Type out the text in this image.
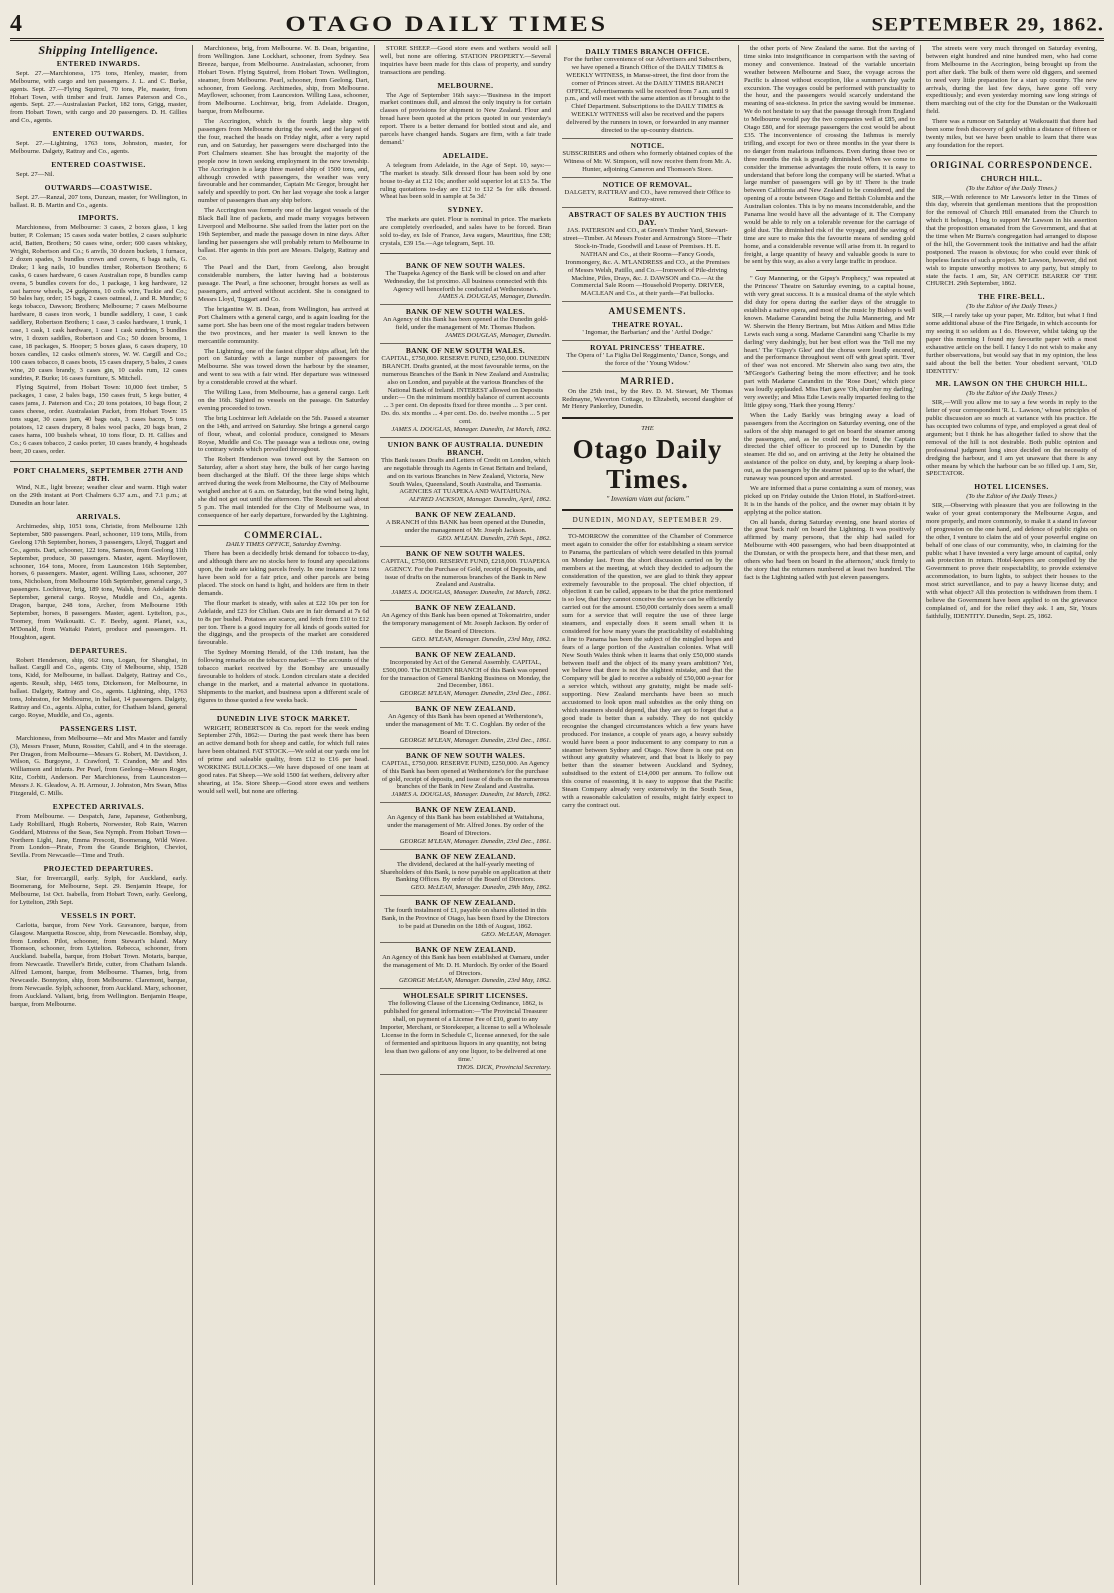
4	OTAGO DAILY TIMES	SEPTEMBER 29, 1862.
Shipping Intelligence.
ENTERED INWARDS.

Sept. 27.—Marchioness, 175 tons, Henley, master, from Melbourne, with cargo and ten passengers. J. L. and C. Burke, agents. Sept. 27.—Flying Squirrel, 70 tons, Ple, master, from Hobart Town, with timber and fruit. James Paterson and Co., agents. Sept. 27.—Australasian Packet, 182 tons, Grigg, master, from Hobart Town, with cargo and 20 passengers. D. H. Gillies and Co., agents.

ENTERED OUTWARDS.

Sept. 27.—Lightning, 1763 tons, Johnston, master, for Melbourne. Dalgety, Rattray and Co., agents.

ENTERED COASTWISE.

Sept. 27—Nil.

OUTWARDS—COASTWISE.

Sept. 27.—Ranzal, 207 tons, Dunzan, master, for Wellington, in ballast. R. B. Martin and Co., agents.

IMPORTS.

Marchioness, from Melbourne: 3 cases, 2 boxes glass, 1 keg butter, P. Coleman; 15 cases soda water bottles, 2 cases sulphuric acid, Batten, Brothers; 50 cases wine, order; 600 cases whiskey, Wright, Robertson and Co.; 6 anvils, 30 dozen buckets, 1 furnace, 2 dozen spades, 3 bundles crown and covers, 6 bags nails, G. Drake; 1 keg nails, 10 bundles timber, Robertson Brothers; 6 casks, 6 cases hardware, 6 cases Australian rope, 8 bundles camp ovens, 5 bundles covers for do., 1 package, 1 keg hardware, 12 cast harrow wheels, 24 gudgeons, 10 coils wire, Tuckie and Co.; 50 bales hay, order; 15 bags, 2 cases oatmeal, J. and R. Mundie; 6 kegs tobacco, Dawson; Brothers; Melbourne; 7 cases Melbourne hardware, 8 cases iron work, 1 bundle saddlery, 1 case, 1 cask saddlery, Robertson Brothers; 1 case, 3 casks hardware, 1 trunk, 1 case, 1 cask, 1 cask hardware, 1 case 1 cask sundries, 5 bundles wire, 1 dozen saddles, Robertson and Co.; 50 dozen brooms, 1 case, 18 packages, S. Hooper; 5 boxes glass, 6 cases drapery, 10 boxes candles, 12 casks oilmen's stores, W. W. Cargill and Co.; 100 cases tobacco, 8 cases boots, 15 cases drapery, 5 bales, 2 cases wine, 20 cases brandy, 3 cases gin, 10 casks rum, 12 cases sundries, P. Burke; 16 cases furniture, S. Mitchell.

Flying Squirrel, from Hobart Town: 10,000 feet timber, 5 packages, 1 case, 2 bales bags, 150 cases fruit, 5 kegs butter, 4 cases jams, J. Paterson and Co.; 20 tons potatoes, 10 bags flour, 2 cases cheese, order. Australasian Packet, from Hobart Town: 15 tons sugar, 30 cases jam, 40 bags oats, 3 cases bacon, 5 tons potatoes, 12 cases drapery, 8 bales wool packs, 20 bags bran, 2 cases hams, 100 bushels wheat, 10 tons flour, D. H. Gillies and Co.; 6 cases tobacco, 2 casks porter, 10 cases brandy, 4 hogsheads beer, 20 cases, order.

PORT CHALMERS, SEPTEMBER 27TH AND 28TH.

Wind, N.E., light breeze; weather clear and warm. High water on the 29th instant at Port Chalmers 6.37 a.m., and 7.1 p.m.; at Dunedin an hour later.

ARRIVALS.

Archimedes, ship, 1051 tons, Christie, from Melbourne 12th September, 580 passengers. Pearl, schooner, 119 tons, Mills, from Geelong 17th September, horses, 3 passengers, Lloyd, Tuggart and Co., agents. Dart, schooner, 122 tons, Samson, from Geelong 11th September, produce, 30 passengers. Master, agent. Mayflower, schooner, 164 tons, Moore, from Launceston 16th September, horses, 6 passengers. Master, agent. Willing Lass, schooner, 207 tons, Nicholson, from Melbourne 16th September, general cargo, 3 passengers. Lochinvar, brig, 189 tons, Walsh, from Adelaide 5th September, general cargo. Royse, Muddle and Co., agents. Dragon, barque, 248 tons, Archer, from Melbourne 19th September, horses, 8 passengers. Master, agent. Lyttelton, p.s., Toomey, from Waikouaiti. C. F. Beeby, agent. Planet, s.s., M'Donald, from Waitaki Pateri, produce and passengers. H. Houghton, agent.

DEPARTURES.

Robert Henderson, ship, 662 tons, Logan, for Shanghai, in ballast. Cargill and Co., agents. City of Melbourne, ship, 1528 tons, Kidd, for Melbourne, in ballast. Dalgety, Rattray and Co., agents. Result, ship, 1465 tons, Dickenson, for Melbourne, in ballast. Dalgety, Rattray and Co., agents. Lightning, ship, 1763 tons, Johnston, for Melbourne, in ballast, 14 passengers. Dalgety, Rattray and Co., agents. Alpha, cutter, for Chatham Island, general cargo. Royse, Muddle, and Co., agents.

PASSENGERS LIST.

Marchioness, from Melbourne—Mr and Mrs Master and family (3), Messrs Fraser, Munn, Rossiter, Cahill, and 4 in the steerage. Per Dragon, from Melbourne—Messrs G. Robert, M. Davidson, J. Wilson, G. Burgoyne, J. Crawford, T. Crandon, Mr and Mrs Williamson and infants. Per Pearl, from Geelong—Messrs Roger, Kitz, Corbitt, Anderson. Per Marchioness, from Launceston—Messrs J. K. Gleadow, A. H. Armour, J. Johnston, Mrs Swan, Miss Fitzgerald, C. Mills.

EXPECTED ARRIVALS.

From Melbourne. — Despatch, Jane, Japanese, Gothenburg, Lady Robilliard, Hugh Roberts, Norwester, Rob Rain, Warren Goddard, Mistress of the Seas, Sea Nymph. From Hobart Town—Northern Light, Jane, Emma Prescott, Boomerang, Wild Wave. From London—Pirate, From the Grande Brighton, Cheviot, Sevilla. From Newcastle—Time and Truth.

PROJECTED DEPARTURES.

Star, for Invercargill, early. Sylph, for Auckland, early. Boomerang, for Melbourne, Sept. 29. Benjamin Heape, for Melbourne, 1st Oct. Isabella, from Hobart Town, early. Geelong, for Lyttelton, 29th Sept.

VESSELS IN PORT.

Carlotta, barque, from New York. Gravanore, barque, from Glasgow. Marquetta Roscoe, ship, from Newcastle. Bombay, ship, from London. Pilot, schooner, from Stewart's Island. Mary Thomson, schooner, from Lyttelton. Rebecca, schooner, from Auckland. Isabella, barque, from Hobart Town. Motaris, barque, from Newcastle. Traveller's Bride, cutter, from Chatham Islands. Alfred Lemont, barque, from Melbourne. Thames, brig, from Newcastle. Bonnyton, ship, from Melbourne. Claremont, barque, from Newcastle. Sylph, schooner, from Auckland. Mary, schooner, from Auckland. Valiant, brig, from Wellington. Benjamin Heape, barque, from Melbourne.

Marchioness, brig, from Melbourne. W. B. Dean, brigantine, from Wellington. Jane Lockhart, schooner, from Sydney. Sea Breeze, barque, from Melbourne. Australasian, schooner, from Hobart Town. Flying Squirrel, from Hobart Town. Wellington, steamer, from Melbourne. Pearl, schooner, from Geelong. Dart, schooner, from Geelong. Archimedes, ship, from Melbourne. Mayflower, schooner, from Launceston. Willing Lass, schooner, from Melbourne. Lochinvar, brig, from Adelaide. Dragon, barque, from Melbourne.

The Accrington, which is the fourth large ship with passengers from Melbourne during the week, and the largest of the four, reached the heads on Friday night, after a very rapid run, and on Saturday, her passengers were discharged into the Port Chalmers steamer. She has brought the majority of the people now in town seeking employment in the new township. The Accrington is a large three masted ship of 1500 tons, and, although crowded with passengers, the weather was very favourable and her commander, Captain Mc Gregor, brought her safely and speedily to port. On her last voyage she took a larger number of passengers than any ship before.

The Accrington was formerly one of the largest vessels of the Black Ball line of packets, and made many voyages between Liverpool and Melbourne. She sailed from the latter port on the 19th September, and made the passage down in nine days. After landing her passengers she will probably return to Melbourne in ballast. Her agents in this port are Messrs. Dalgety, Rattray and Co.

The Pearl and the Dart, from Geelong, also brought considerable numbers, the latter having had a boisterous passage. The Pearl, a fine schooner, brought horses as well as passengers, and arrived without accident. She is consigned to Messrs Lloyd, Tuggart and Co.

The brigantine W. B. Dean, from Wellington, has arrived at Port Chalmers with a general cargo, and is again loading for the same port. She has been one of the most regular traders between the two provinces, and her master is well known to the mercantile community.

The Lightning, one of the fastest clipper ships afloat, left the port on Saturday with a large number of passengers for Melbourne. She was towed down the harbour by the steamer, and went to sea with a fair wind. Her departure was witnessed by a considerable crowd at the wharf.

The Willing Lass, from Melbourne, has a general cargo. Left on the 16th. Sighted no vessels on the passage. On Saturday evening proceeded to town.

The brig Lochinvar left Adelaide on the 5th. Passed a steamer on the 14th, and arrived on Saturday. She brings a general cargo of flour, wheat, and colonial produce, consigned to Messrs Royse, Muddle and Co. The passage was a tedious one, owing to contrary winds which prevailed throughout.

The Robert Henderson was towed out by the Samson on Saturday, after a short stay here, the bulk of her cargo having been discharged at the Bluff. Of the three large ships which arrived during the week from Melbourne, the City of Melbourne weighed anchor at 6 a.m. on Saturday, but the wind being light, she did not get out until the afternoon. The Result set sail about 5 p.m. The mail intended for the City of Melbourne was, in consequence of her early departure, forwarded by the Lightning.

COMMERCIAL.
DAILY TIMES OFFICE, Saturday Evening.

There has been a decidedly brisk demand for tobacco to-day, and although there are no stocks here to found any speculations upon, the trade are taking parcels freely. In one instance 12 tons have been sold for a fair price, and other parcels are being placed. The stock on hand is light, and holders are firm in their demands.

The flour market is steady, with sales at £22 10s per ton for Adelaide, and £23 for Chilian. Oats are in fair demand at 7s 6d to 8s per bushel. Potatoes are scarce, and fetch from £10 to £12 per ton. There is a good inquiry for all kinds of goods suited for the diggings, and the prospects of the market are considered favourable.

The Sydney Morning Herald, of the 13th instant, has the following remarks on the tobacco market:— The accounts of the tobacco market received by the Bombay are unusually favourable to holders of stock. London circulars state a decided change in the market, and a material advance in quotations. Shipments to the market, and business upon a different scale of figures to those quoted a few weeks back.

DUNEDIN LIVE STOCK MARKET.

WRIGHT, ROBERTSON & Co. report for the week ending September 27th, 1862:— During the past week there has been an active demand both for sheep and cattle, for which full rates have been obtained. FAT STOCK.—We sold at our yards one lot of prime and saleable quality, from £12 to £16 per head. WORKING BULLOCKS.—We have disposed of one team at good rates. Fat Sheep.—We sold 1500 fat wethers, delivery after shearing, at 15s. Store Sheep.—Good store ewes and wethers would sell well, but none are offering.

STORE SHEEP.—Good store ewes and wethers would sell well, but none are offering. STATION PROPERTY.—Several inquiries have been made for this class of property, and sundry transactions are pending.

MELBOURNE.

The Age of September 16th says:—'Business in the import market continues dull, and almost the only inquiry is for certain classes of provisions for shipment to New Zealand. Flour and bread have been quoted at the prices quoted in our yesterday's report. There is a better demand for bottled stout and ale, and parcels have changed hands. Sugars are firm, with a fair trade demand.'

ADELAIDE.

A telegram from Adelaide, in the Age of Sept. 10, says:— 'The market is steady. Silk dressed flour has been sold by one house to-day at £12 10s; another sold superior lot at £13 5s. The ruling quotations to-day are £12 to £12 5s for silk dressed. Wheat has been sold in sample at 5s 3d.'

SYDNEY.

The markets are quiet. Flour is nominal in price. The markets are completely overloaded, and sales have to be forced. Bran sold to-day, ex Isle of France, Java sugars, Mauritius, fine £38; crystals, £39 15s.—Age telegram, Sept. 10.

BANK OF NEW SOUTH WALES.
The Tuapeka Agency of the Bank will be closed on and after Wednesday, the 1st proximo. All business connected with this Agency will henceforth be conducted at Wetherstone's.
JAMES A. DOUGLAS, Manager, Dunedin.
BANK OF NEW SOUTH WALES.
An Agency of this Bank has been opened at the Dunedin gold-field, under the management of Mr. Thomas Hudson.
JAMES DOUGLAS, Manager, Dunedin.
BANK OF NEW SOUTH WALES.
CAPITAL, £750,000. RESERVE FUND, £250,000. DUNEDIN BRANCH. Drafts granted, at the most favourable terms, on the numerous Branches of the Bank in New Zealand and Australia; also on London, and payable at the various Branches of the National Bank of Ireland. INTEREST allowed on Deposits under:— On the minimum monthly balance of current accounts ... 3 per cent. On deposits fixed for three months ... 3 per cent. Do. do. six months ... 4 per cent. Do. do. twelve months ... 5 per cent.
JAMES A. DOUGLAS, Manager. Dunedin, 1st March, 1862.
UNION BANK OF AUSTRALIA. DUNEDIN BRANCH.
This Bank issues Drafts and Letters of Credit on London, which are negotiable through its Agents in Great Britain and Ireland, and on its various Branches in New Zealand, Victoria, New South Wales, Queensland, South Australia, and Tasmania. AGENCIES AT TUAPEKA AND WAITAHUNA.
ALFRED JACKSON, Manager. Dunedin, April, 1862.
BANK OF NEW ZEALAND.
A BRANCH of this BANK has been opened at the Dunedin, under the management of Mr. Joseph Jackson.
GEO. M'LEAN. Dunedin, 27th Sept., 1862.
BANK OF NEW SOUTH WALES.
CAPITAL, £750,000. RESERVE FUND, £218,000. TUAPEKA AGENCY. For the Purchase of Gold, receipt of Deposits, and issue of drafts on the numerous branches of the Bank in New Zealand and Australia.
JAMES A. DOUGLAS, Manager. Dunedin, 1st March, 1862.
BANK OF NEW ZEALAND.
An Agency of this Bank has been opened at Tokomairiro, under the temporary management of Mr. Joseph Jackson. By order of the Board of Directors.
GEO. M'LEAN, Manager. Dunedin, 23rd May, 1862.
BANK OF NEW ZEALAND.
Incorporated by Act of the General Assembly. CAPITAL, £500,000. The DUNEDIN BRANCH of this Bank was opened for the transaction of General Banking Business on Monday, the 2nd December, 1861.
GEORGE M'LEAN, Manager. Dunedin, 23rd Dec., 1861.
BANK OF NEW ZEALAND.
An Agency of this Bank has been opened at Wetherstone's, under the management of Mr. T. C. Coghlan. By order of the Board of Directors.
GEORGE M'LEAN, Manager. Dunedin, 23rd Dec., 1861.
BANK OF NEW SOUTH WALES.
CAPITAL, £750,000. RESERVE FUND, £250,000. An Agency of this Bank has been opened at Wetherstone's for the purchase of gold, receipt of deposits, and issue of drafts on the numerous branches of the Bank in New Zealand and Australia.
JAMES A. DOUGLAS, Manager. Dunedin, 1st March, 1862.
BANK OF NEW ZEALAND.
An Agency of this Bank has been established at Waitahuna, under the management of Mr. Alfred Jones. By order of the Board of Directors.
GEORGE M'LEAN, Manager. Dunedin, 23rd Dec., 1861.
BANK OF NEW ZEALAND.
The dividend, declared at the half-yearly meeting of Shareholders of this Bank, is now payable on application at their Banking Offices. By order of the Board of Directors.
GEO. McLEAN, Manager. Dunedin, 29th May, 1862.
BANK OF NEW ZEALAND.
The fourth instalment of £1, payable on shares allotted in this Bank, in the Province of Otago, has been fixed by the Directors to be paid at Dunedin on the 18th of August, 1862.
GEO. McLEAN, Manager.
BANK OF NEW ZEALAND.
An Agency of this Bank has been established at Oamaru, under the management of Mr. D. H. Murdoch. By order of the Board of Directors.
GEORGE McLEAN, Manager. Dunedin, 23rd May, 1862.
WHOLESALE SPIRIT LICENSES.
The following Clause of the Licensing Ordinance, 1862, is published for general information:—'The Provincial Treasurer shall, on payment of a License Fee of £10, grant to any Importer, Merchant, or Storekeeper, a license to sell a Wholesale License in the form in Schedule C, license annexed, for the sale of fermented and spirituous liquors in any quantity, not being less than two gallons of any one liquor, to be delivered at one time.'
THOS. DICK, Provincial Secretary.
DAILY TIMES BRANCH OFFICE.
For the further convenience of our Advertisers and Subscribers, we have opened a Branch Office of the DAILY TIMES & WEEKLY WITNESS, in Manse-street, the first door from the corner of Princes street. At the DAILY TIMES BRANCH OFFICE, Advertisements will be received from 7 a.m. until 9 p.m., and will meet with the same attention as if brought to the Chief Department. Subscriptions to the DAILY TIMES & WEEKLY WITNESS will also be received and the papers delivered by the runners in town, or forwarded in any manner directed to the up-country districts.
NOTICE.
SUBSCRIBERS and others who formerly obtained copies of the Witness of Mr. W. Simpson, will now receive them from Mr. A. Hunter, adjoining Cameron and Thomson's Store.
NOTICE OF REMOVAL.
DALGETY, RATTRAY and CO., have removed their Office to Rattray-street.
ABSTRACT OF SALES BY AUCTION THIS DAY.
JAS. PATERSON and CO., at Green's Timber Yard, Stewart-street—Timber. At Messrs Foster and Armstrong's Store—Their Stock-in-Trade, Goodwill and Lease of Premises. H. E. NATHAN and Co., at their Rooms—Fancy Goods, Ironmongery, &c. A. M'LANDRESS and CO., at the Premises of Messrs Welsh, Patillo, and Co.—Ironwork of Pile-driving Machine, Piles, Drays, &c. J. DAWSON and Co.—At the Commercial Sale Room —Household Property. DRIVER, MACLEAN and Co., at their yards—Fat bullocks.
AMUSEMENTS.
THEATRE ROYAL.
' Ingomar, the Barbarian;' and the ' Artful Dodge.'
ROYAL PRINCESS' THEATRE.
The Opera of ' La Figlia Del Reggimento,' Dance, Songs, and the force of the ' Young Widow.'
MARRIED.

On the 25th inst., by the Rev. D. M. Stewart, Mr Thomas Redmayne, Waverton Cottage, to Elizabeth, second daughter of Mr Henry Pankerley, Dunedin.

THE
Otago Daily Times.
" Inveniam viam aut faciam."
DUNEDIN, MONDAY, SEPTEMBER 29.

TO-MORROW the committee of the Chamber of Commerce meet again to consider the offer for establishing a steam service to Panama, the particulars of which were detailed in this journal on Monday last. From the short discussion carried on by the members at the meeting, at which they decided to adjourn the consideration of the question, we are glad to think they appear extremely favourable to the proposal. The chief objection, if objection it can be called, appears to be that the price mentioned is so low, that they cannot conceive the service can be efficiently carried out for the amount. £50,000 certainly does seem a small sum for a service that will require the use of three large steamers, and especially does it seem small when it is considered for how many years the practicability of establishing a line to Panama has been the subject of the mingled hopes and fears of a large portion of the Australian colonies. What will New South Wales think when it learns that only £50,000 stands between itself and the object of its many years ambition? Yet, we believe that there is not the slightest mistake, and that the Company will be glad to receive a subsidy of £50,000 a-year for a service which, without any gratuity, might be made self-supporting. New Zealand merchants have been so much accustomed to look upon mail subsidies as the only thing on which steamers should depend, that they are apt to forget that a good trade is better than a subsidy. They do not quickly recognise the changed circumstances which a few years have produced. For instance, a couple of years ago, a heavy subsidy would have been a poor inducement to any company to run a steamer between Sydney and Otago. Now there is one put on without any gratuity whatever, and that boat is likely to pay better than the steamer between Auckland and Sydney, subsidised to the extent of £14,000 per annum. To follow out this course of reasoning, it is easy to suppose that the Pacific Steam Company already very extensively in the South Seas, with a reasonable calculation of results, might fairly expect to carry the contract out.

the other ports of New Zealand the same. But the saving of time sinks into insignificance in comparison with the saving of money and convenience. Instead of the variable uncertain weather between Melbourne and Suez, the voyage across the Pacific is almost without exception, like a summer's day yacht excursion. The voyages could be performed with punctuality to the hour, and the passengers would scarcely understand the meaning of sea-sickness. In price the saving would be immense. We do not hesitate to say that the passage through from England to Melbourne would pay the two companies well at £85, and to Otago £80, and for steerage passengers the cost would be about £35. The inconvenience of crossing the Isthmus is merely trifling, and except for two or three months in the year there is no danger from malarious influences. Even during those two or three months the risk is greatly diminished. When we come to consider the immense advantages the route offers, it is easy to understand that before long the company will be started. What a large number of passengers will go by it! There is the trade between California and New Zealand to be considered, and the opening of a route between Otago and British Columbia and the Australian colonies. This is by no means inconsiderable, and the Panama line would have all the advantage of it. The Company would be able to rely on a tolerable revenue for the carriage of gold dust. The diminished risk of the voyage, and the saving of time are sure to make this the favourite means of sending gold home, and a considerable revenue will arise from it. In regard to freight, a large quantity of heavy and valuable goods is sure to be sent by this way, as also a very large traffic in produce.

" Guy Mannering, or the Gipsy's Prophecy," was repeated at the Princess' Theatre on Saturday evening, to a capital house, with very great success. It is a musical drama of the style which did duty for opera during the earlier days of the struggle to establish a native opera, and most of the music by Bishop is well known. Madame Carandini being the Julia Mannering, and Mr W. Sherwin the Henry Bertram, but Miss Aitken and Miss Edie Lewis each sung a song. Madame Carandini sang 'Charlie is my darling' very dashingly, but her best effort was the 'Tell me my heart.' The 'Gipsy's Glee' and the chorus were loudly encored, and the performance throughout went off with great spirit. 'Ever of thee' was not encored. Mr Sherwin also sang two airs, the 'M'Gregor's Gathering' being the more effective; and he took part with Madame Carandini in the 'Rose Duet,' which piece was loudly applauded. Miss Hart gave 'Oh, slumber my darling,' very sweetly; and Miss Edie Lewis really imparted feeling to the little gipsy song, 'Hark thee young Henry.'

When the Lady Barkly was bringing away a load of passengers from the Accrington on Saturday evening, one of the sailors of the ship managed to get on board the steamer among the passengers, and, as he could not be found, the Captain directed the chief officer to proceed up to Dunedin by the steamer. He did so, and on arriving at the Jetty he obtained the assistance of the police on duty, and, by keeping a sharp look-out, as the passengers by the steamer passed up to the wharf, the runaway was pounced upon and arrested.

We are informed that a purse containing a sum of money, was picked up on Friday outside the Union Hotel, in Stafford-street. It is in the hands of the police, and the owner may obtain it by applying at the police station.

On all hands, during Saturday evening, one heard stories of the great 'back rush' on board the Lightning. It was positively affirmed by many persons, that the ship had sailed for Melbourne with 400 passengers, who had been disappointed at the Dunstan, or with the prospects here, and that these men, and others who had 'been on board in the afternoon,' stuck firmly to the story that the returners numbered at least two hundred. The fact is the Lightning sailed with just eleven passengers.

The streets were very much thronged on Saturday evening, between eight hundred and nine hundred men, who had come from Melbourne in the Accrington, being brought up from the port after dark. The bulk of them were old diggers, and seemed to need very little preparation for a start up country. The new arrivals, during the last few days, have gone off very expeditiously; and even yesterday morning saw long strings of them marching out of the city for the Dunstan or the Waikouaiti field.

There was a rumour on Saturday at Waikouaiti that there had been some fresh discovery of gold within a distance of fifteen or twenty miles, but we have been unable to learn that there was any foundation for the report.

ORIGINAL CORRESPONDENCE.
CHURCH HILL.
(To the Editor of the Daily Times.)

SIR,—With reference to Mr Lawson's letter in the Times of this day, wherein that gentleman mentions that the proposition for the removal of Church Hill emanated from the Church to which it belongs, I beg to support Mr Lawson in his assertion that the proposition emanated from the Government, and that at the time when Mr Burns's congregation had arranged to dispose of the hill, the Government took the initiative and had the affair postponed. The reason is obvious; for who could ever think of hopeless fancies of such a project. Mr Lawson, however, did not wish to impute unworthy motives to any party, but simply to state the facts. I am, Sir, AN OFFICE BEARER OF THE CHURCH. 29th September, 1862.

THE FIRE-BELL.
(To the Editor of the Daily Times.)

SIR,—I rarely take up your paper, Mr. Editor, but what I find some additional abuse of the Fire Brigade, in which accounts for my seeing it so seldom as I do. However, whilst taking up the paper this morning I found my favourite paper with a most exhaustive article on the bell. I fancy I do not wish to make any further observations, but would say that in my opinion, the less said about the bell the better. Your obedient servant, 'OLD IDENTITY.'

MR. LAWSON ON THE CHURCH HILL.
(To the Editor of the Daily Times.)

SIR,—Will you allow me to say a few words in reply to the letter of your correspondent 'R. L. Lawson,' whose principles of public discussion are so much at variance with his practice. He has occupied two columns of type, and employed a great deal of argument; but I think he has altogether failed to show that the removal of the hill is not desirable. Both public opinion and professional judgment long since decided on the necessity of dredging the harbour, and I am yet unaware that there is any other means by which the harbour can be so filled up. I am, Sir, SPECTATOR.

HOTEL LICENSES.
(To the Editor of the Daily Times.)

SIR,—Observing with pleasure that you are following in the wake of your great contemporary the Melbourne Argus, and more properly, and more commonly, to make it a stand in favour of progression on the one hand, and defence of public rights on the other, I venture to claim the aid of your powerful engine on behalf of one class of our community, who, in claiming for the public what I have invested a very large amount of capital, only ask protection in return. Hotel-keepers are compelled by the Government to prove their respectability, to provide extensive accommodation, to burn lights, to subject their houses to the most strict surveillance, and to pay a heavy license duty; and with what object? All this protection is withdrawn from them. I believe the Government have been applied to on the grievance complained of, and for the relief they ask. I am, Sir, Yours faithfully, IDENTITY. Dunedin, Sept. 25, 1862.
